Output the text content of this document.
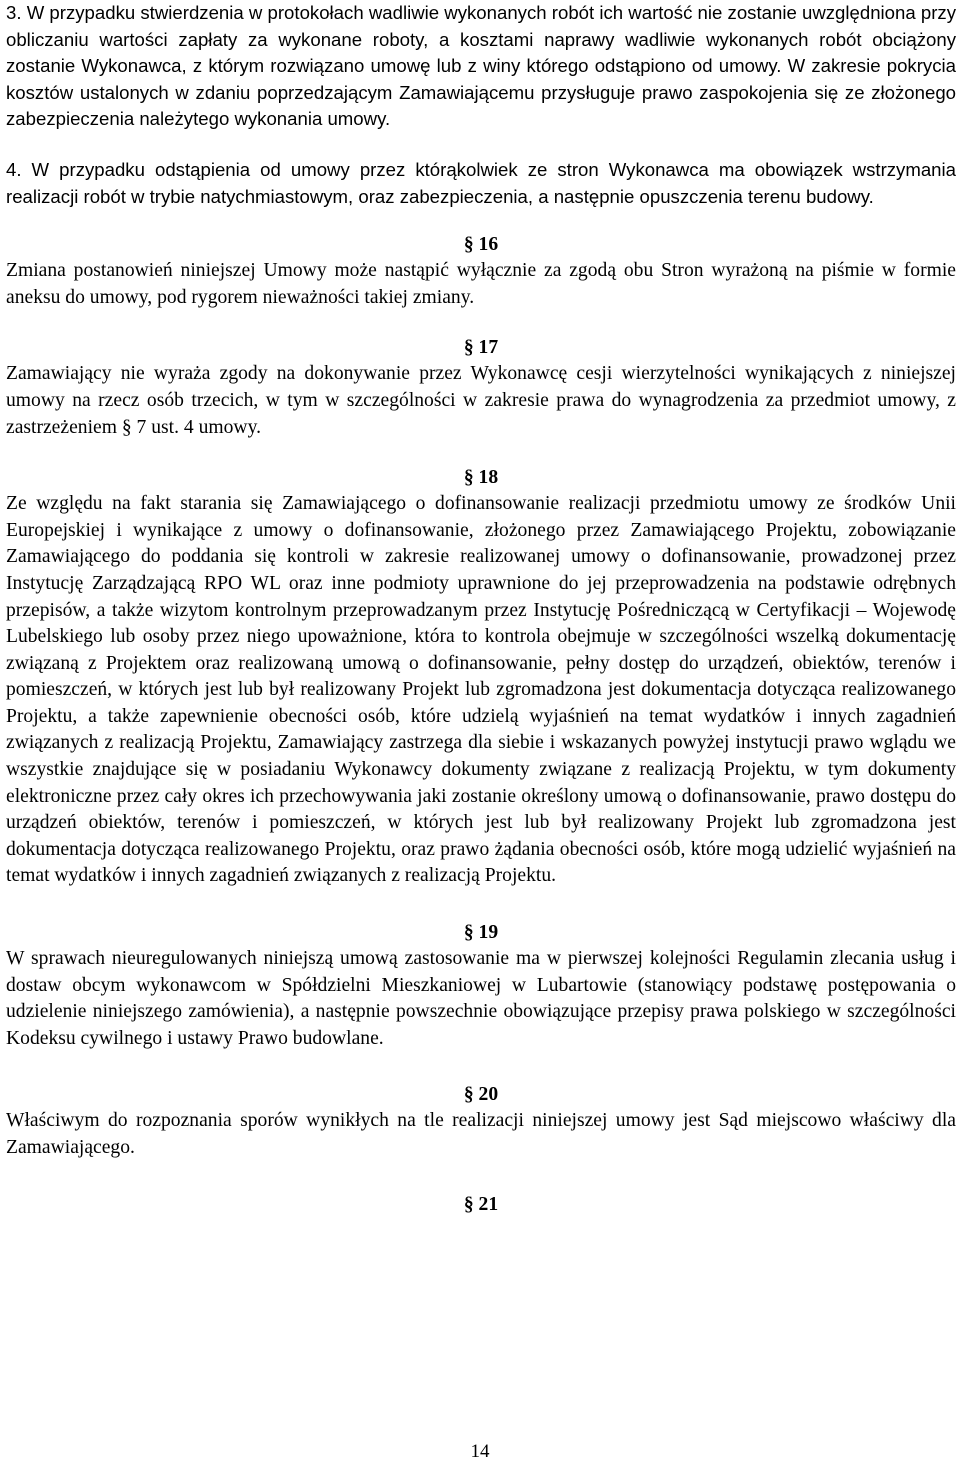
3. W przypadku stwierdzenia w protokołach wadliwie wykonanych robót ich wartość nie zostanie uwzględniona przy obliczaniu wartości zapłaty za wykonane roboty, a kosztami naprawy wadliwie wykonanych robót obciążony zostanie Wykonawca, z którym rozwiązano umowę lub z winy którego odstąpiono od umowy. W zakresie pokrycia kosztów ustalonych w zdaniu poprzedzającym Zamawiającemu przysługuje prawo zaspokojenia się ze złożonego zabezpieczenia należytego wykonania umowy.

4. W przypadku odstąpienia od umowy przez którąkolwiek ze stron Wykonawca ma obowiązek wstrzymania realizacji robót w trybie natychmiastowym, oraz zabezpieczenia, a następnie opuszczenia terenu budowy.

§ 16

Zmiana postanowień niniejszej Umowy może nastąpić wyłącznie za zgodą obu Stron wyrażoną na piśmie w formie aneksu do umowy, pod rygorem nieważności takiej zmiany.

§ 17

Zamawiający nie wyraża zgody na dokonywanie przez Wykonawcę cesji wierzytelności wynikających z niniejszej umowy na rzecz osób trzecich, w tym w szczególności w zakresie prawa do wynagrodzenia za przedmiot umowy, z zastrzeżeniem § 7 ust. 4 umowy.

§ 18

Ze względu na fakt starania się Zamawiającego o dofinansowanie realizacji przedmiotu umowy ze środków Unii Europejskiej i wynikające z umowy o dofinansowanie, złożonego przez Zamawiającego Projektu, zobowiązanie Zamawiającego do poddania się kontroli w zakresie realizowanej umowy o dofinansowanie, prowadzonej przez Instytucję Zarządzającą RPO WL oraz inne podmioty uprawnione do jej przeprowadzenia na podstawie odrębnych przepisów, a także wizytom kontrolnym przeprowadzanym przez Instytucję Pośredniczącą w Certyfikacji – Wojewodę Lubelskiego lub osoby przez niego upoważnione, która to kontrola obejmuje w szczególności wszelką dokumentację związaną z Projektem oraz realizowaną umową o dofinansowanie, pełny dostęp do urządzeń, obiektów, terenów i pomieszczeń, w których jest lub był realizowany Projekt lub zgromadzona jest dokumentacja dotycząca realizowanego Projektu, a także zapewnienie obecności osób, które udzielą wyjaśnień na temat wydatków i innych zagadnień związanych z realizacją Projektu, Zamawiający zastrzega dla siebie i wskazanych powyżej instytucji prawo wglądu we wszystkie znajdujące się w posiadaniu Wykonawcy dokumenty związane z realizacją Projektu, w tym dokumenty elektroniczne przez cały okres ich przechowywania jaki zostanie określony umową o dofinansowanie, prawo dostępu do urządzeń obiektów, terenów i pomieszczeń, w których jest lub był realizowany Projekt lub zgromadzona jest dokumentacja dotycząca realizowanego Projektu, oraz prawo żądania obecności osób, które mogą udzielić wyjaśnień na temat wydatków i innych zagadnień związanych z realizacją Projektu.

§ 19

W sprawach nieuregulowanych niniejszą umową zastosowanie ma w pierwszej kolejności Regulamin zlecania usług i dostaw obcym wykonawcom w Spółdzielni Mieszkaniowej w Lubartowie (stanowiący podstawę postępowania o udzielenie niniejszego zamówienia), a następnie powszechnie obowiązujące przepisy prawa polskiego w szczególności Kodeksu cywilnego i ustawy Prawo budowlane.

§ 20

Właściwym do rozpoznania sporów wynikłych na tle realizacji niniejszej umowy jest Sąd miejscowo właściwy dla Zamawiającego.

§ 21

14
